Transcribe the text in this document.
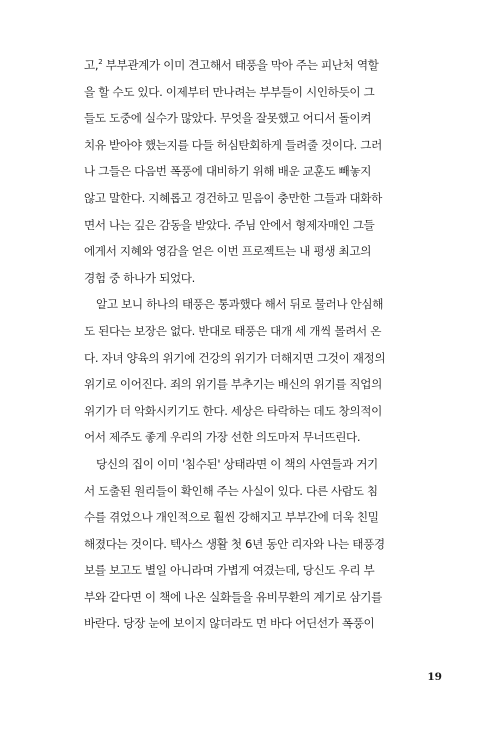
고,$^2$ 부부관계가 이미 견고해서 태풍을 막아 주는 피난처 역할
을 할 수도 있다. 이제부터 만나려는 부부들이 시인하듯이 그
들도 도중에 실수가 많았다. 무엇을 잘못했고 어디서 돌이켜
치유 받아야 했는지를 다들 허심탄회하게 들려줄 것이다. 그러
나 그들은 다음번 폭풍에 대비하기 위해 배운 교훈도 빼놓지
않고 말한다. 지혜롭고 경건하고 믿음이 충만한 그들과 대화하
면서 나는 깊은 감동을 받았다. 주님 안에서 형제자매인 그들
에게서 지혜와 영감을 얻은 이번 프로젝트는 내 평생 최고의
경험 중 하나가 되었다.
알고 보니 하나의 태풍은 통과했다 해서 뒤로 물러나 안심해
도 된다는 보장은 없다. 반대로 태풍은 대개 세 개씩 몰려서 온
다. 자녀 양육의 위기에 건강의 위기가 더해지면 그것이 재정의
위기로 이어진다. 죄의 위기를 부추기는 배신의 위기를 직업의
위기가 더 악화시키기도 한다. 세상은 타락하는 데도 창의적이
어서 제주도 좋게 우리의 가장 선한 의도마저 무너뜨린다.
당신의 집이 이미 '침수된' 상태라면 이 책의 사연들과 거기
서 도출된 원리들이 확인해 주는 사실이 있다. 다른 사람도 침
수를 겪었으나 개인적으로 훨씬 강해지고 부부간에 더욱 친밀
해졌다는 것이다. 텍사스 생활 첫 6년 동안 리자와 나는 태풍경
보를 보고도 별일 아니라며 가볍게 여겼는데, 당신도 우리 부
부와 같다면 이 책에 나온 실화들을 유비무환의 계기로 삼기를
바란다. 당장 눈에 보이지 않더라도 먼 바다 어딘선가 폭풍이
19
